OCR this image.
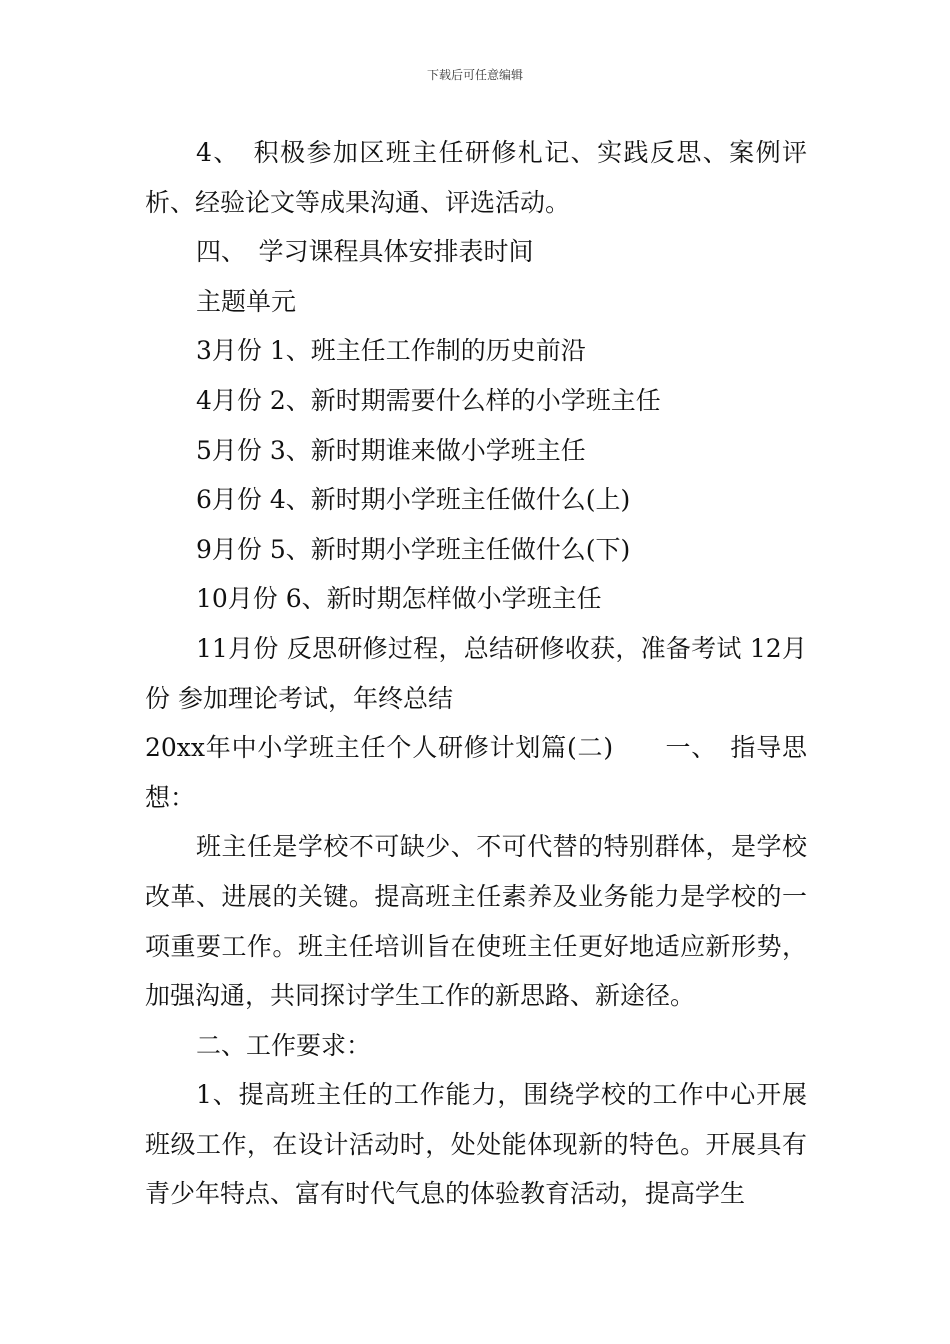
下载后可任意编辑

4、　积极参加区班主任研修札记、实践反思、案例评析、经验论文等成果沟通、评选活动。

四、　学习课程具体安排表时间

主题单元

3月份 1、班主任工作制的历史前沿

4月份 2、新时期需要什么样的小学班主任

5月份 3、新时期谁来做小学班主任

6月份 4、新时期小学班主任做什么(上)

9月份 5、新时期小学班主任做什么(下)

10月份 6、新时期怎样做小学班主任

11月份 反思研修过程，总结研修收获，准备考试 12月份 参加理论考试，年终总结

20xx年中小学班主任个人研修计划篇(二)　　一、　指导思想：

班主任是学校不可缺少、不可代替的特别群体，是学校改革、进展的关键。提高班主任素养及业务能力是学校的一项重要工作。班主任培训旨在使班主任更好地适应新形势，加强沟通，共同探讨学生工作的新思路、新途径。

二、工作要求：

1、提高班主任的工作能力，围绕学校的工作中心开展班级工作，在设计活动时，处处能体现新的特色。开展具有青少年特点、富有时代气息的体验教育活动，提高学生
